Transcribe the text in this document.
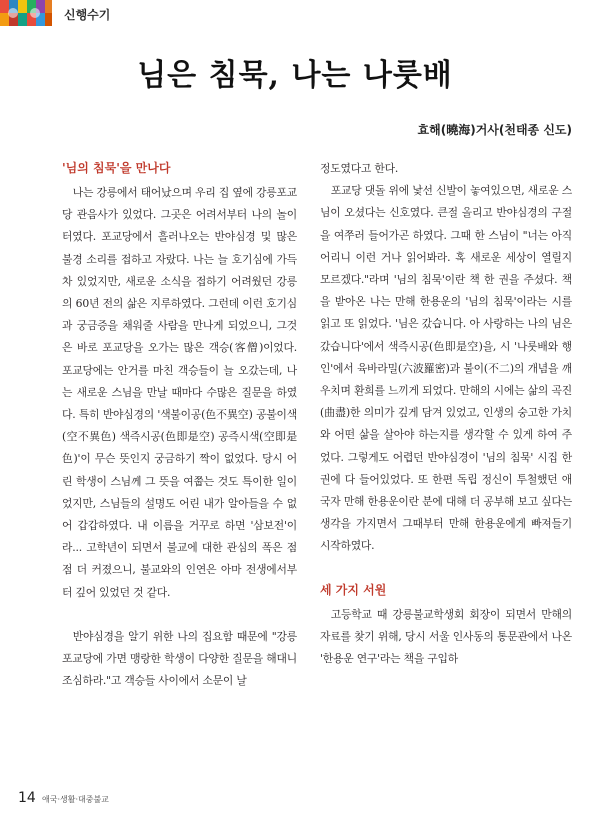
신행수기
님은 침묵, 나는 나룻배
효해(曉海)거사(천태종 신도)
'님의 침묵'을 만나다

나는 강릉에서 태어났으며 우리 집 옆에 강릉포교당 관음사가 있었다. 그곳은 어려서부터 나의 놀이터였다. 포교당에서 흘러나오는 반야심경 및 많은 불경 소리를 접하고 자랐다. 나는 늘 호기심에 가득 차 있었지만, 새로운 소식을 접하기 어려웠던 강릉의 60년 전의 삶은 지루하였다. 그런데 이런 호기심과 궁금증을 채워줄 사람을 만나게 되었으니, 그것은 바로 포교당을 오가는 많은 객승(客僧)이었다. 포교당에는 안거를 마친 객승들이 늘 오갔는데, 나는 새로운 스님을 만날 때마다 수많은 질문을 하였다. 특히 반야심경의 '색불이공(色不異空) 공불이색(空不異色) 색즉시공(色即是空) 공즉시색(空即是色)'이 무슨 뜻인지 궁금하기 짝이 없었다. 당시 어린 학생이 스님께 그 뜻을 여쭙는 것도 특이한 일이었지만, 스님들의 설명도 어린 내가 알아들을 수 없어 갑갑하였다. 내 이름을 거꾸로 하면 '삼보전'이라... 고학년이 되면서 불교에 대한 관심의 폭은 점점 더 커졌으니, 불교와의 인연은 아마 전생에서부터 깊어 있었던 것 같다.

반야심경을 알기 위한 나의 집요함 때문에 "강릉포교당에 가면 맹랑한 학생이 다양한 질문을 해대니 조심하라."고 객승들 사이에서 소문이 날

정도였다고 한다.

포교당 댓돌 위에 낯선 신발이 놓여있으면, 새로운 스님이 오셨다는 신호였다. 큰절 올리고 반야심경의 구절을 여쭈러 들어가곤 하였다. 그때 한 스님이 "너는 아직 어리니 이런 거나 읽어봐라. 혹 새로운 세상이 열릴지 모르겠다."라며 '님의 침묵'이란 책 한 권을 주셨다. 책을 받아온 나는 만해 한용운의 '님의 침묵'이라는 시를 읽고 또 읽었다. '님은 갔습니다. 아 사랑하는 나의 님은 갔습니다'에서 색즉시공(色即是空)을, 시 '나룻배와 행인'에서 육바라밀(六波羅密)과 불이(不二)의 개념을 깨우치며 환희를 느끼게 되었다. 만해의 시에는 삶의 곡진(曲盡)한 의미가 깊게 담겨 있었고, 인생의 숭고한 가치와 어떤 삶을 살아야 하는지를 생각할 수 있게 하여 주었다. 그렇게도 어렵던 반야심경이 '님의 침묵' 시집 한 권에 다 들어있었다. 또 한편 독립 정신이 투철했던 애국자 만해 한용운이란 분에 대해 더 공부해 보고 싶다는 생각을 가지면서 그때부터 만해 한용운에게 빠져들기 시작하였다.

세 가지 서원

고등학교 때 강릉불교학생회 회장이 되면서 만해의 자료를 찾기 위해, 당시 서울 인사동의 통문관에서 나온 '한용운 연구'라는 책을 구입하

14 애국·생활·대중불교
